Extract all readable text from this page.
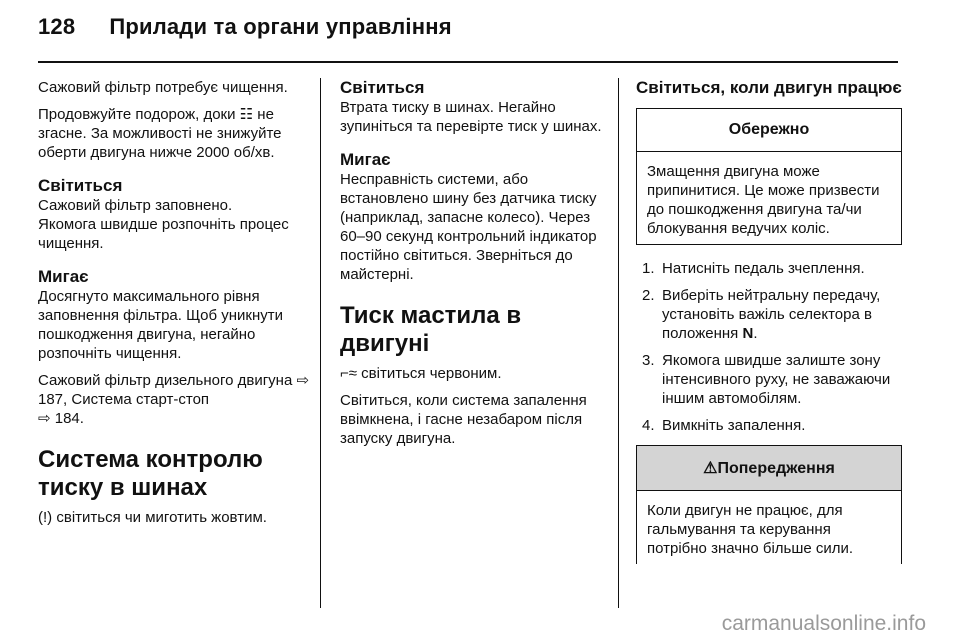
128 Прилади та органи управління

Сажовий фільтр потребує чищення.

Продовжуйте подорож, доки ☷ не згасне. За можливості не знижуйте оберти двигуна нижче 2000 об/хв.

Світиться

Сажовий фільтр заповнено.

Якомога швидше розпочніть процес чищення.

Мигає

Досягнуто максимального рівня заповнення фільтра. Щоб уникнути пошкодження двигуна, негайно розпочніть чищення.

Сажовий фільтр дизельного двигуна ⇨ 187, Система старт-стоп
⇨ 184.

Система контролю тиску в шинах

(!) світиться чи миготить жовтим.

Світиться

Втрата тиску в шинах. Негайно зупиніться та перевірте тиск у шинах.

Мигає

Несправність системи, або встановлено шину без датчика тиску (наприклад, запасне колесо). Через 60–90 секунд контрольний індикатор постійно світиться. Зверніться до майстерні.

Тиск мастила в двигуні

⌐≈ світиться червоним.

Світиться, коли система запалення ввімкнена, і гасне незабаром після запуску двигуна.

Світиться, коли двигун працює
Обережно
Змащення двигуна може припинитися. Це може призвести до пошкодження двигуна та/чи блокування ведучих коліс.
1. Натисніть педаль зчеплення.
2. Виберіть нейтральну передачу, установіть важіль селектора в положення N.
3. Якомога швидше залиште зону інтенсивного руху, не заважаючи іншим автомобілям.
4. Вимкніть запалення.
⚠Попередження
Коли двигун не працює, для гальмування та керування потрібно значно більше сили.
carmanualsonline.info
